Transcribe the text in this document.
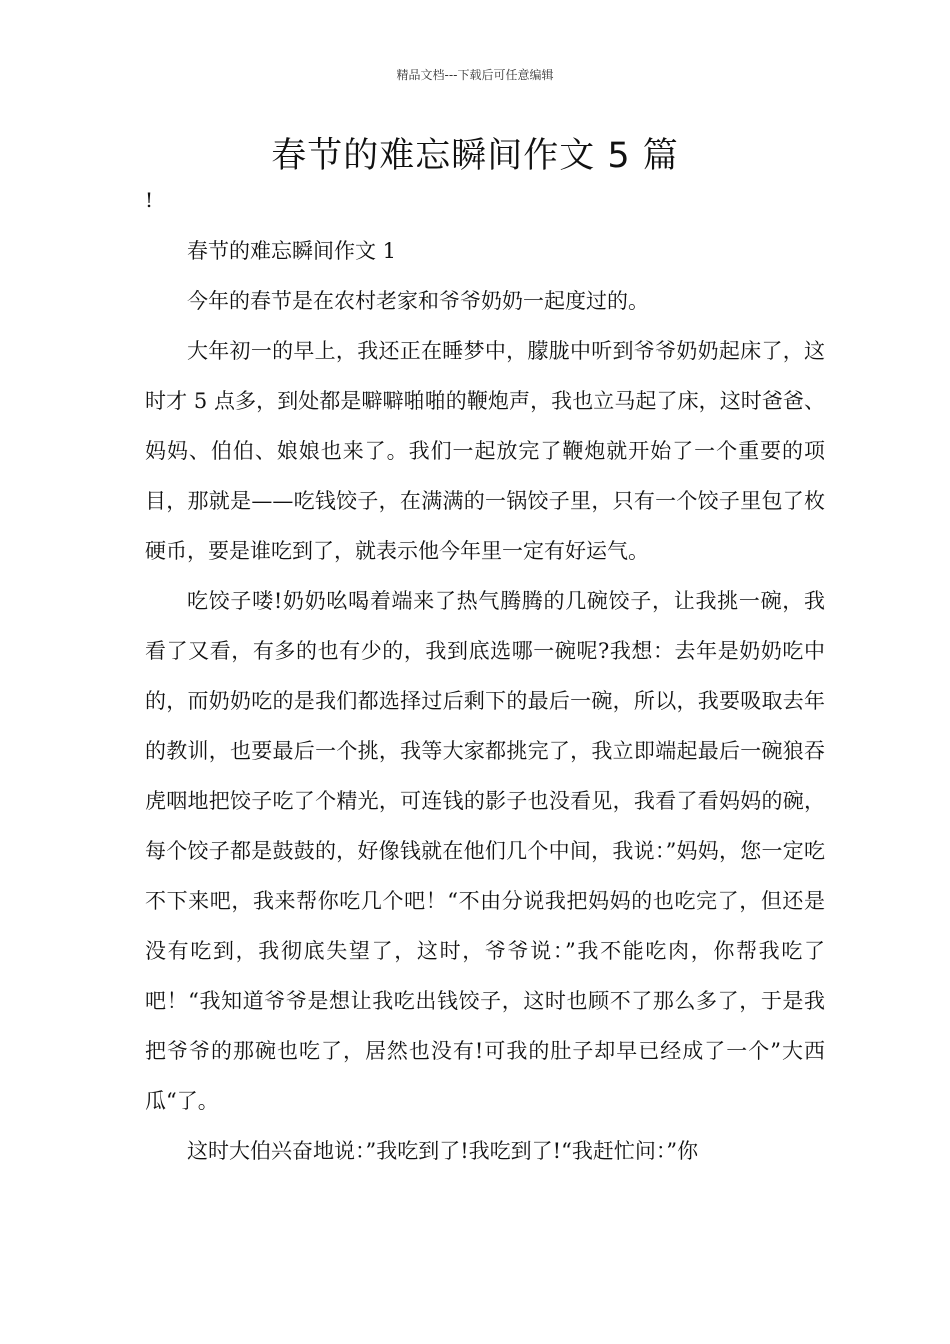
精品文档---下载后可任意编辑
春节的难忘瞬间作文 5 篇
!

春节的难忘瞬间作文 1

今年的春节是在农村老家和爷爷奶奶一起度过的。

大年初一的早上，我还正在睡梦中，朦胧中听到爷爷奶奶起床了，这时才 5 点多，到处都是噼噼啪啪的鞭炮声，我也立马起了床，这时爸爸、妈妈、伯伯、娘娘也来了。我们一起放完了鞭炮就开始了一个重要的项目，那就是——吃钱饺子，在满满的一锅饺子里，只有一个饺子里包了枚硬币，要是谁吃到了，就表示他今年里一定有好运气。

吃饺子喽!奶奶吆喝着端来了热气腾腾的几碗饺子，让我挑一碗，我看了又看，有多的也有少的，我到底选哪一碗呢?我想：去年是奶奶吃中的，而奶奶吃的是我们都选择过后剩下的最后一碗，所以，我要吸取去年的教训，也要最后一个挑，我等大家都挑完了，我立即端起最后一碗狼吞虎咽地把饺子吃了个精光，可连钱的影子也没看见，我看了看妈妈的碗，每个饺子都是鼓鼓的，好像钱就在他们几个中间，我说：”妈妈，您一定吃不下来吧，我来帮你吃几个吧！“不由分说我把妈妈的也吃完了，但还是没有吃到，我彻底失望了，这时，爷爷说：”我不能吃肉，你帮我吃了吧！“我知道爷爷是想让我吃出钱饺子，这时也顾不了那么多了，于是我把爷爷的那碗也吃了，居然也没有!可我的肚子却早已经成了一个”大西瓜“了。

这时大伯兴奋地说：”我吃到了!我吃到了!“我赶忙问：”你
